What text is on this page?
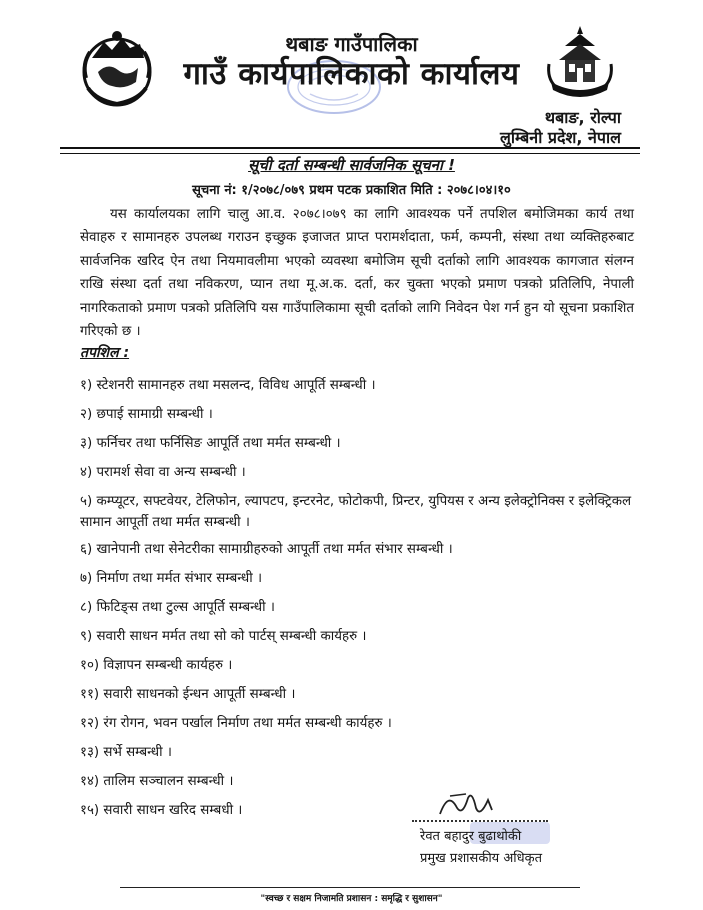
थबाङ गाउँपालिका
गाउँ कार्यपालिकाको कार्यालय
थबाङ, रोल्पा
लुम्बिनी प्रदेश, नेपाल
सूची दर्ता सम्बन्धी सार्वजनिक सूचना !
सूचना नं: १/२०७८/०७९ प्रथम पटक प्रकाशित मिति : २०७८।०४।१०

यस कार्यालयका लागि चालु आ.व. २०७८।०७९ का लागि आवश्यक पर्ने तपशिल बमोजिमका कार्य तथा सेवाहरु र सामानहरु उपलब्ध गराउन इच्छुक इजाजत प्राप्त परामर्शदाता, फर्म, कम्पनी, संस्था तथा व्यक्तिहरुबाट सार्वजनिक खरिद ऐन तथा नियमावलीमा भएको व्यवस्था बमोजिम सूची दर्ताको लागि आवश्यक कागजात संलग्न राखि संस्था दर्ता तथा नविकरण, प्यान तथा मू.अ.क. दर्ता, कर चुक्ता भएको प्रमाण पत्रको प्रतिलिपि, नेपाली नागरिकताको प्रमाण पत्रको प्रतिलिपि यस गाउँपालिकामा सूची दर्ताको लागि निवेदन पेश गर्न हुन यो सूचना प्रकाशित गरिएको छ ।

तपशिल :
१) स्टेशनरी सामानहरु तथा मसलन्द, विविध आपूर्ति सम्बन्धी ।
२) छपाई सामाग्री सम्बन्धी ।
३) फर्निचर तथा फर्निसिङ आपूर्ति तथा मर्मत सम्बन्धी ।
४) परामर्श सेवा वा अन्य सम्बन्धी ।
५) कम्प्यूटर, सफ्टवेयर, टेलिफोन, ल्यापटप, इन्टरनेट, फोटोकपी, प्रिन्टर, युपियस र अन्य इलेक्ट्रोनिक्स र इलेक्ट्रिकल सामान आपूर्ती तथा मर्मत सम्बन्धी ।
६) खानेपानी तथा सेनेटरीका सामाग्रीहरुको आपूर्ती तथा मर्मत संभार सम्बन्धी ।
७) निर्माण तथा मर्मत संभार सम्बन्धी ।
८) फिटिङ्स तथा टुल्स आपूर्ति सम्बन्धी ।
९) सवारी साधन मर्मत तथा सो को पार्टस् सम्बन्धी कार्यहरु ।
१०) विज्ञापन सम्बन्धी कार्यहरु ।
११) सवारी साधनको ईन्धन आपूर्ती सम्बन्धी ।
१२) रंग रोगन, भवन पर्खाल निर्माण तथा मर्मत सम्बन्धी कार्यहरु ।
१३) सर्भे सम्बन्धी ।
१४) तालिम सञ्चालन सम्बन्धी ।
१५) सवारी साधन खरिद सम्बधी ।
रेवत बहादुर बुढाथोकी
प्रमुख प्रशासकीय अधिकृत
"स्वच्छ र सक्षम निजामति प्रशासन : समृद्धि र सुशासन"
